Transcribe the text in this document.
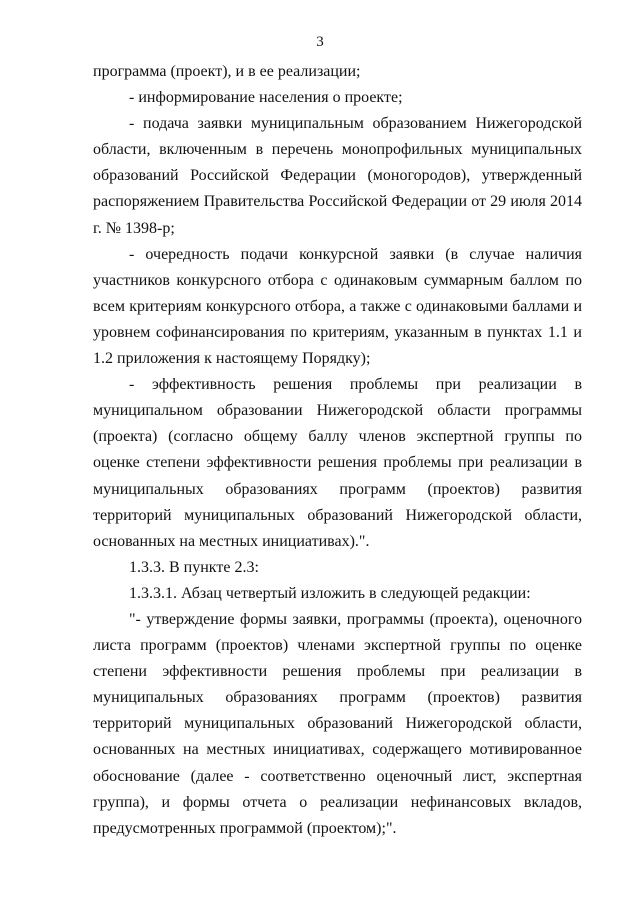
3

программа (проект), и в ее реализации;

- информирование населения о проекте;

- подача заявки муниципальным образованием Нижегородской области, включенным в перечень монопрофильных муниципальных образований Российской Федерации (моногородов), утвержденный распоряжением Правительства Российской Федерации от 29 июля 2014 г. № 1398-р;

- очередность подачи конкурсной заявки (в случае наличия участников конкурсного отбора с одинаковым суммарным баллом по всем критериям конкурсного отбора, а также с одинаковыми баллами и уровнем софинансирования по критериям, указанным в пунктах 1.1 и 1.2 приложения к настоящему Порядку);

- эффективность решения проблемы при реализации в муниципальном образовании Нижегородской области программы (проекта) (согласно общему баллу членов экспертной группы по оценке степени эффективности решения проблемы при реализации в муниципальных образованиях программ (проектов) развития территорий муниципальных образований Нижегородской области, основанных на местных инициативах).".

1.3.3. В пункте 2.3:

1.3.3.1. Абзац четвертый изложить в следующей редакции:

"- утверждение формы заявки, программы (проекта), оценочного листа программ (проектов) членами экспертной группы по оценке степени эффективности решения проблемы при реализации в муниципальных образованиях программ (проектов) развития территорий муниципальных образований Нижегородской области, основанных на местных инициативах, содержащего мотивированное обоснование (далее - соответственно оценочный лист, экспертная группа), и формы отчета о реализации нефинансовых вкладов, предусмотренных программой (проектом);".
